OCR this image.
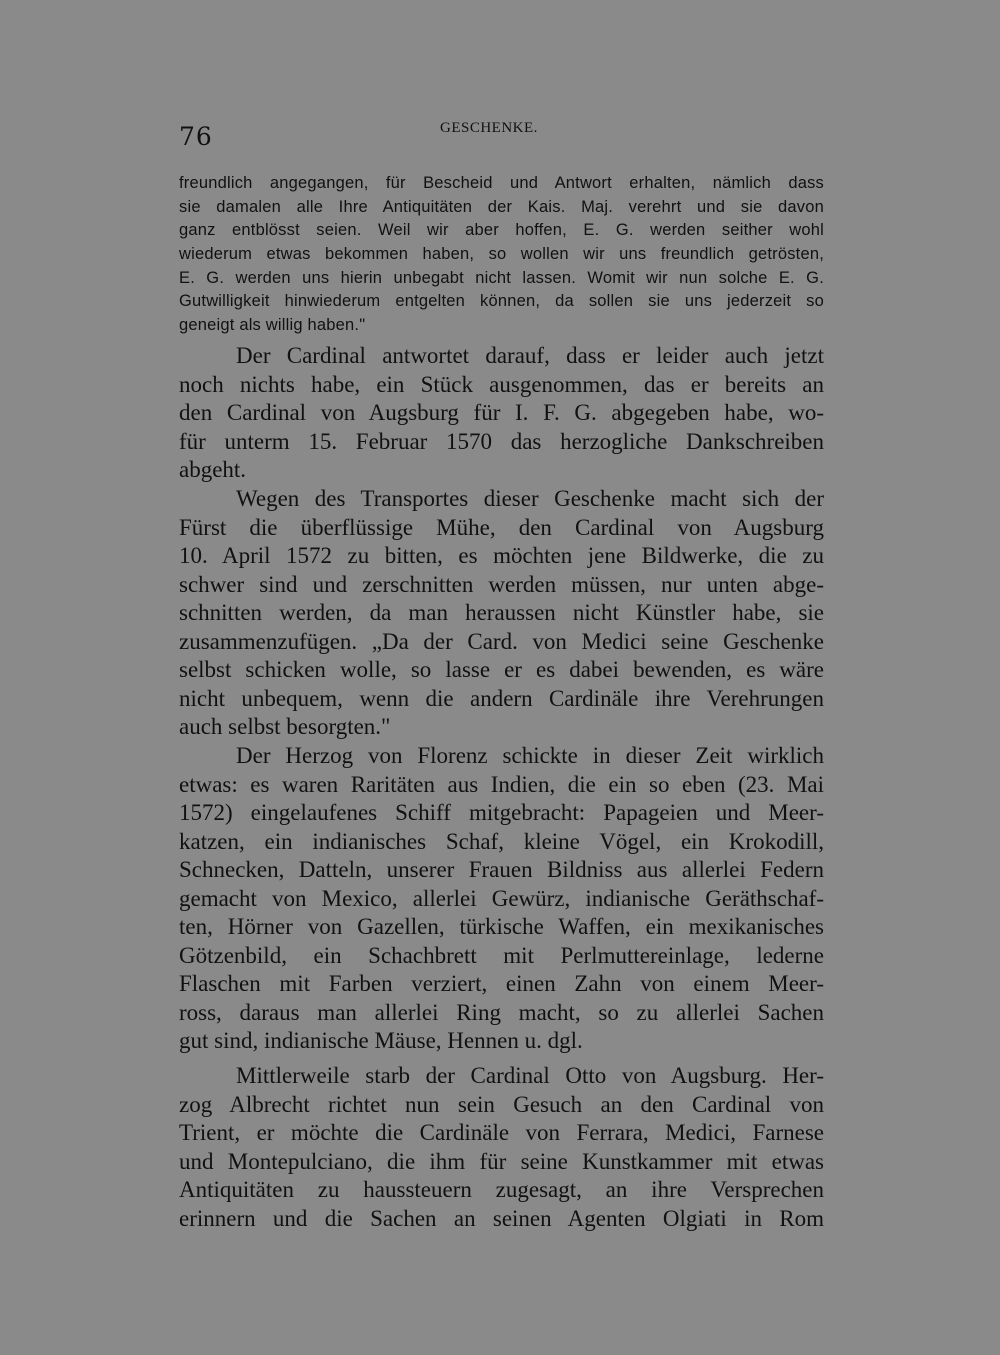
76	GESCHENKE.
freundlich angegangen, für Bescheid und Antwort erhalten, nämlich dass
sie damalen alle Ihre Antiquitäten der Kais. Maj. verehrt und sie davon
ganz entblösst seien. Weil wir aber hoffen, E. G. werden seither wohl
wiederum etwas bekommen haben, so wollen wir uns freundlich getrösten,
E. G. werden uns hierin unbegabt nicht lassen. Womit wir nun solche E. G.
Gutwilligkeit hinwiederum entgelten können, da sollen sie uns jederzeit so
geneigt als willig haben."
Der Cardinal antwortet darauf, dass er leider auch jetzt
noch nichts habe, ein Stück ausgenommen, das er bereits an
den Cardinal von Augsburg für I. F. G. abgegeben habe, wo-
für unterm 15. Februar 1570 das herzogliche Dankschreiben
abgeht.
Wegen des Transportes dieser Geschenke macht sich der
Fürst die überflüssige Mühe, den Cardinal von Augsburg
10. April 1572 zu bitten, es möchten jene Bildwerke, die zu
schwer sind und zerschnitten werden müssen, nur unten abge-
schnitten werden, da man heraussen nicht Künstler habe, sie
zusammenzufügen. „Da der Card. von Medici seine Geschenke
selbst schicken wolle, so lasse er es dabei bewenden, es wäre
nicht unbequem, wenn die andern Cardinäle ihre Verehrungen
auch selbst besorgten."
Der Herzog von Florenz schickte in dieser Zeit wirklich
etwas: es waren Raritäten aus Indien, die ein so eben (23. Mai
1572) eingelaufenes Schiff mitgebracht: Papageien und Meer-
katzen, ein indianisches Schaf, kleine Vögel, ein Krokodill,
Schnecken, Datteln, unserer Frauen Bildniss aus allerlei Federn
gemacht von Mexico, allerlei Gewürz, indianische Geräthschaf-
ten, Hörner von Gazellen, türkische Waffen, ein mexikanisches
Götzenbild, ein Schachbrett mit Perlmuttereinlage, lederne
Flaschen mit Farben verziert, einen Zahn von einem Meer-
ross, daraus man allerlei Ring macht, so zu allerlei Sachen
gut sind, indianische Mäuse, Hennen u. dgl.
Mittlerweile starb der Cardinal Otto von Augsburg. Her-
zog Albrecht richtet nun sein Gesuch an den Cardinal von
Trient, er möchte die Cardinäle von Ferrara, Medici, Farnese
und Montepulciano, die ihm für seine Kunstkammer mit etwas
Antiquitäten zu haussteuern zugesagt, an ihre Versprechen
erinnern und die Sachen an seinen Agenten Olgiati in Rom
